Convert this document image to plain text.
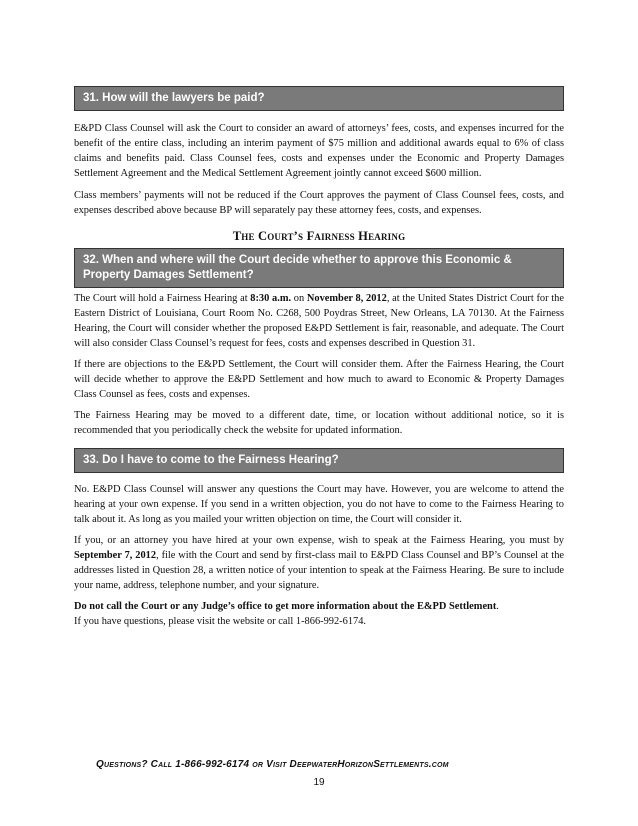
31. How will the lawyers be paid?

E&PD Class Counsel will ask the Court to consider an award of attorneys’ fees, costs, and expenses incurred for the benefit of the entire class, including an interim payment of $75 million and additional awards equal to 6% of class claims and benefits paid. Class Counsel fees, costs and expenses under the Economic and Property Damages Settlement Agreement and the Medical Settlement Agreement jointly cannot exceed $600 million.

Class members’ payments will not be reduced if the Court approves the payment of Class Counsel fees, costs, and expenses described above because BP will separately pay these attorney fees, costs, and expenses.

The Court’s Fairness Hearing
32. When and where will the Court decide whether to approve this Economic & Property Damages Settlement?

The Court will hold a Fairness Hearing at 8:30 a.m. on November 8, 2012, at the United States District Court for the Eastern District of Louisiana, Court Room No. C268, 500 Poydras Street, New Orleans, LA 70130. At the Fairness Hearing, the Court will consider whether the proposed E&PD Settlement is fair, reasonable, and adequate. The Court will also consider Class Counsel’s request for fees, costs and expenses described in Question 31.

If there are objections to the E&PD Settlement, the Court will consider them. After the Fairness Hearing, the Court will decide whether to approve the E&PD Settlement and how much to award to Economic & Property Damages Class Counsel as fees, costs and expenses.

The Fairness Hearing may be moved to a different date, time, or location without additional notice, so it is recommended that you periodically check the website for updated information.

33. Do I have to come to the Fairness Hearing?

No. E&PD Class Counsel will answer any questions the Court may have. However, you are welcome to attend the hearing at your own expense. If you send in a written objection, you do not have to come to the Fairness Hearing to talk about it. As long as you mailed your written objection on time, the Court will consider it.

If you, or an attorney you have hired at your own expense, wish to speak at the Fairness Hearing, you must by September 7, 2012, file with the Court and send by first-class mail to E&PD Class Counsel and BP’s Counsel at the addresses listed in Question 28, a written notice of your intention to speak at the Fairness Hearing. Be sure to include your name, address, telephone number, and your signature.

Do not call the Court or any Judge’s office to get more information about the E&PD Settlement.

If you have questions, please visit the website or call 1-866-992-6174.

Questions? Call 1-866-992-6174 or Visit DeepwaterHorizonSettlements.com
19
